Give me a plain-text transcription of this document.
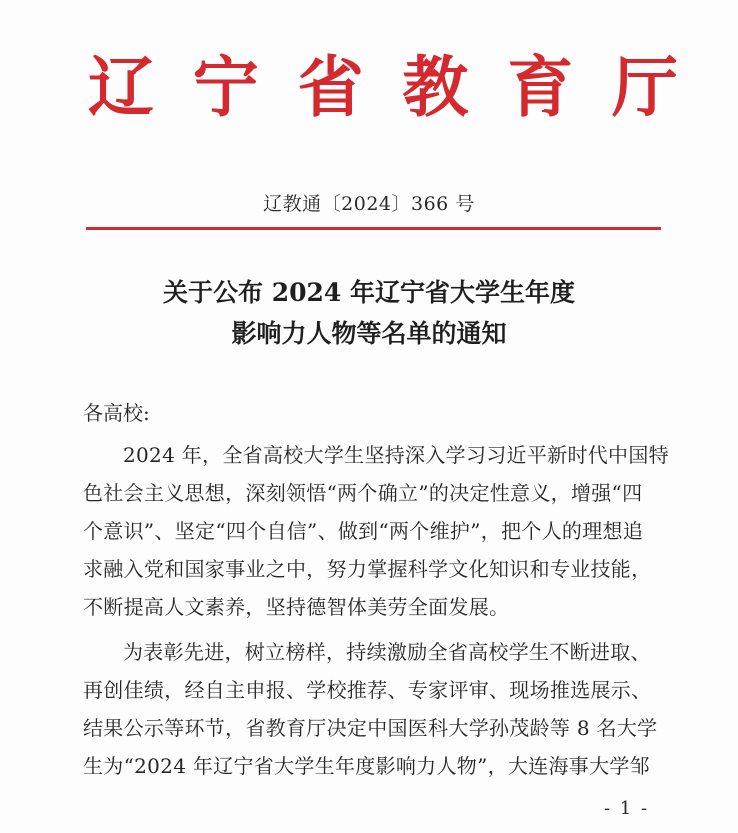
辽 宁 省 教 育 厅
辽教通〔2024〕366 号
关于公布 2024 年辽宁省大学生年度
影响力人物等名单的通知
各高校:
2024 年，全省高校大学生坚持深入学习习近平新时代中国特
色社会主义思想，深刻领悟“两个确立”的决定性意义，增强“四
个意识”、坚定“四个自信”、做到“两个维护”，把个人的理想追
求融入党和国家事业之中，努力掌握科学文化知识和专业技能，
不断提高人文素养，坚持德智体美劳全面发展。
为表彰先进，树立榜样，持续激励全省高校学生不断进取、
再创佳绩，经自主申报、学校推荐、专家评审、现场推选展示、
结果公示等环节，省教育厅决定中国医科大学孙茂龄等 8 名大学
生为“2024 年辽宁省大学生年度影响力人物”，大连海事大学邹
- 1 -
